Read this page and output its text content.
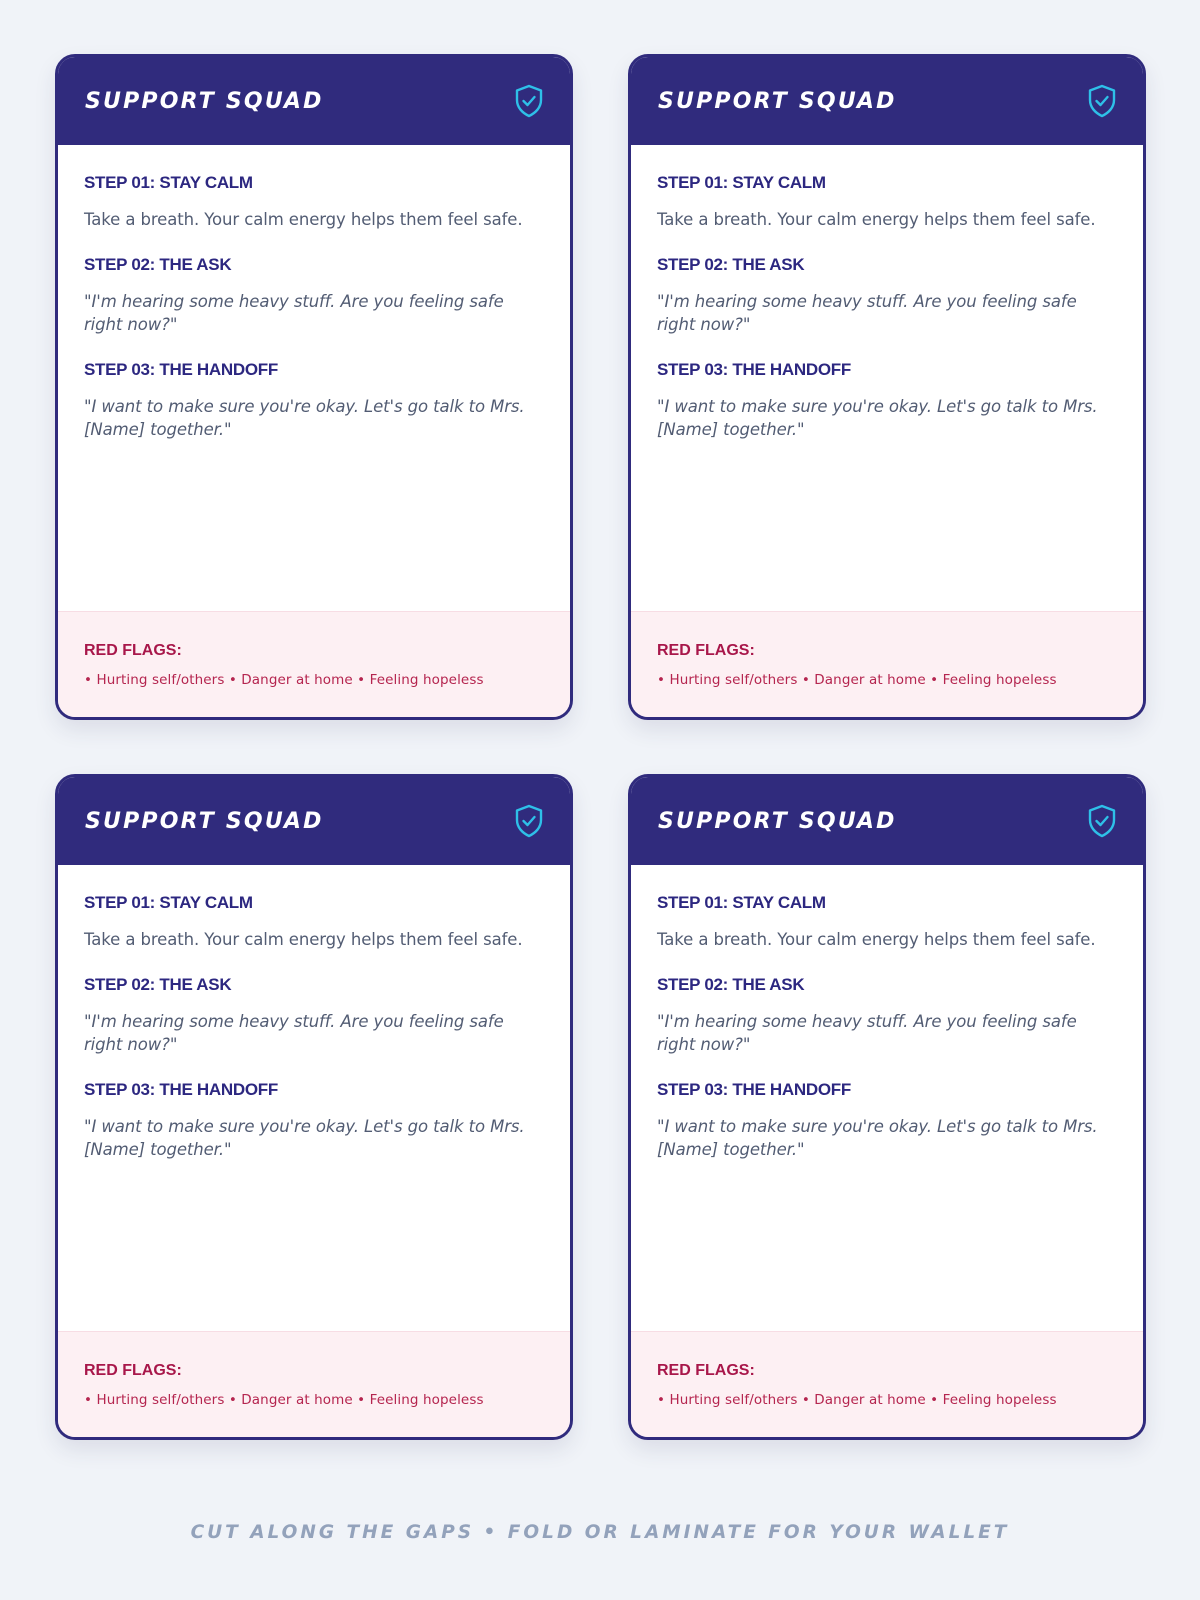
SUPPORT SQUAD
STEP 01: STAY CALM
Take a breath. Your calm energy helps them feel safe.
STEP 02: THE ASK
"I'm hearing some heavy stuff. Are you feeling safe right now?"
STEP 03: THE HANDOFF
"I want to make sure you're okay. Let's go talk to Mrs. [Name] together."
RED FLAGS:
• Hurting self/others • Danger at home • Feeling hopeless
SUPPORT SQUAD
STEP 01: STAY CALM
Take a breath. Your calm energy helps them feel safe.
STEP 02: THE ASK
"I'm hearing some heavy stuff. Are you feeling safe right now?"
STEP 03: THE HANDOFF
"I want to make sure you're okay. Let's go talk to Mrs. [Name] together."
RED FLAGS:
• Hurting self/others • Danger at home • Feeling hopeless
SUPPORT SQUAD
STEP 01: STAY CALM
Take a breath. Your calm energy helps them feel safe.
STEP 02: THE ASK
"I'm hearing some heavy stuff. Are you feeling safe right now?"
STEP 03: THE HANDOFF
"I want to make sure you're okay. Let's go talk to Mrs. [Name] together."
RED FLAGS:
• Hurting self/others • Danger at home • Feeling hopeless
SUPPORT SQUAD
STEP 01: STAY CALM
Take a breath. Your calm energy helps them feel safe.
STEP 02: THE ASK
"I'm hearing some heavy stuff. Are you feeling safe right now?"
STEP 03: THE HANDOFF
"I want to make sure you're okay. Let's go talk to Mrs. [Name] together."
RED FLAGS:
• Hurting self/others • Danger at home • Feeling hopeless
CUT ALONG THE GAPS • FOLD OR LAMINATE FOR YOUR WALLET
